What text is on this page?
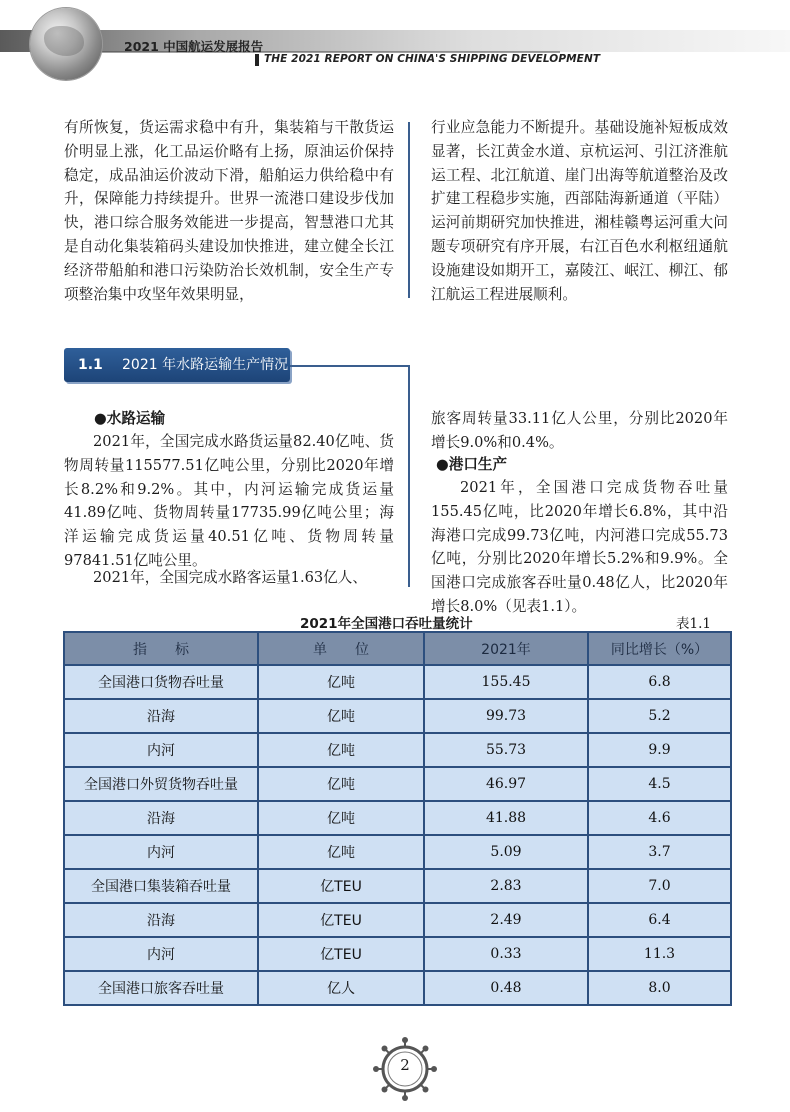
2021 中国航运发展报告
THE 2021 REPORT ON CHINA'S SHIPPING DEVELOPMENT

有所恢复，货运需求稳中有升，集装箱与干散货运价明显上涨，化工品运价略有上扬，原油运价保持稳定，成品油运价波动下滑，船舶运力供给稳中有升，保障能力持续提升。世界一流港口建设步伐加快，港口综合服务效能进一步提高，智慧港口尤其是自动化集装箱码头建设加快推进，建立健全长江经济带船舶和港口污染防治长效机制，安全生产专项整治集中攻坚年效果明显，

行业应急能力不断提升。基础设施补短板成效显著，长江黄金水道、京杭运河、引江济淮航运工程、北江航道、崖门出海等航道整治及改扩建工程稳步实施，西部陆海新通道（平陆）运河前期研究加快推进，湘桂赣粤运河重大问题专项研究有序开展，右江百色水利枢纽通航设施建设如期开工，嘉陵江、岷江、柳江、郁江航运工程进展顺利。

1.1 2021 年水路运输生产情况
●水路运输

2021年，全国完成水路货运量82.40亿吨、货物周转量115577.51亿吨公里，分别比2020年增长8.2%和9.2%。其中，内河运输完成货运量41.89亿吨、货物周转量17735.99亿吨公里；海洋运输完成货运量40.51亿吨、货物周转量97841.51亿吨公里。

2021年，全国完成水路客运量1.63亿人、

旅客周转量33.11亿人公里，分别比2020年增长9.0%和0.4%。

●港口生产

2021年，全国港口完成货物吞吐量155.45亿吨，比2020年增长6.8%，其中沿海港口完成99.73亿吨，内河港口完成55.73亿吨，分别比2020年增长5.2%和9.9%。全国港口完成旅客吞吐量0.48亿人，比2020年增长8.0%（见表1.1）。

2021年全国港口吞吐量统计	表1.1
指　　标	单　　位	2021年	同比增长（%）
全国港口货物吞吐量	亿吨	155.45	6.8
沿海	亿吨	99.73	5.2
内河	亿吨	55.73	9.9
全国港口外贸货物吞吐量	亿吨	46.97	4.5
沿海	亿吨	41.88	4.6
内河	亿吨	5.09	3.7
全国港口集装箱吞吐量	亿TEU	2.83	7.0
沿海	亿TEU	2.49	6.4
内河	亿TEU	0.33	11.3
全国港口旅客吞吐量	亿人	0.48	8.0
2
